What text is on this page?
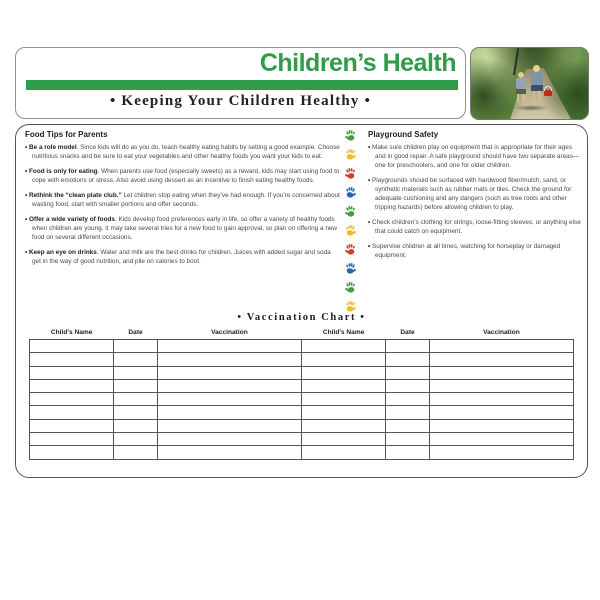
Children’s Health
• Keeping Your Children Healthy •
Food Tips for Parents
• Be a role model. Since kids will do as you do, teach healthy eating habits by setting a good example. Choose nutritious snacks and be sure to eat your vegetables and other healthy foods you want your kids to eat.
• Food is only for eating. When parents use food (especially sweets) as a reward, kids may start using food to cope with emotions or stress. Also avoid using dessert as an incentive to finish eating healthy foods.
• Rethink the “clean plate club.” Let children stop eating when they’ve had enough. If you’re concerned about wasting food, start with smaller portions and offer seconds.
• Offer a wide variety of foods. Kids develop food preferences early in life, so offer a variety of healthy foods when children are young. It may take several tries for a new food to gain approval, so plan on offering a new food on several different occasions.
• Keep an eye on drinks. Water and milk are the best drinks for children. Juices with added sugar and soda get in the way of good nutrition, and pile on calories to boot.
Playground Safety
• Make sure children play on equipment that is appropriate for their ages and in good repair. A safe playground should have two separate areas—one for preschoolers, and one for older children.
• Playgrounds should be surfaced with hardwood fiber/mulch, sand, or synthetic materials such as rubber mats or tiles. Check the ground for adequate cushioning and any dangers (such as tree roots and other tripping hazards) before allowing children to play.
• Check children’s clothing for strings, loose-fitting sleeves, or anything else that could catch on equipment.
• Supervise children at all times, watching for horseplay or damaged equipment.
• Vaccination Chart •
Child's Name	Date	Vaccination	Child's Name	Date	Vaccination
